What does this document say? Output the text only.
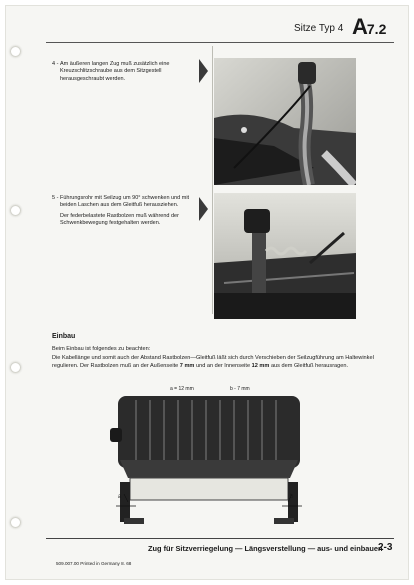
Sitze Typ 4 A7.2
4 - Am äußeren langen Zug muß zusätzlich eine Kreuzschlitzschraube aus dem Sitzgestell herausgeschraubt werden.

5 - Führungsrohr mit Seilzug um 90° schwenken und mit beiden Laschen aus dem Gleitfuß herausziehen.

Der federbelastete Rastbolzen muß während der Schwenkbewegung festgehalten werden.

Einbau
Beim Einbau ist folgendes zu beachten:
Die Kabellänge und somit auch der Abstand Rastbolzen—Gleitfuß läßt sich durch Verschieben der Seilzugführung am Haltewinkel regulieren. Der Rastbolzen muß an der Außenseite 7 mm und an der Innenseite 12 mm aus dem Gleitfuß herausragen.
a = 12 mm	b - 7 mm
a	b
Zug für Sitzverriegelung — Längsverstellung — aus- und einbauen
2-3
509.007.00 Printed in Germany 8. 68
